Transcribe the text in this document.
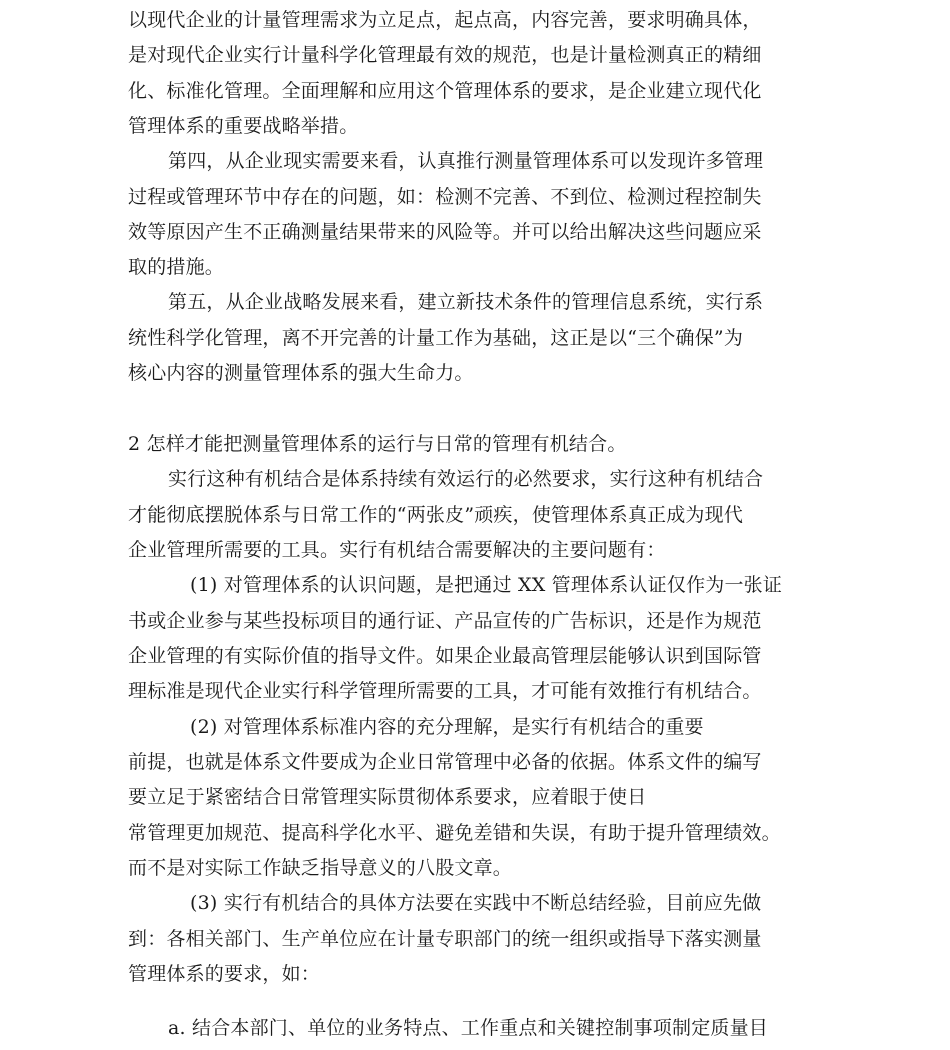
以现代企业的计量管理需求为立足点，起点高，内容完善，要求明确具体，
是对现代企业实行计量科学化管理最有效的规范，也是计量检测真正的精细
化、标准化管理。全面理解和应用这个管理体系的要求，是企业建立现代化
管理体系的重要战略举措。
第四，从企业现实需要来看，认真推行测量管理体系可以发现许多管理
过程或管理环节中存在的问题，如：检测不完善、不到位、检测过程控制失
效等原因产生不正确测量结果带来的风险等。并可以给出解决这些问题应采
取的措施。
第五，从企业战略发展来看，建立新技术条件的管理信息系统，实行系
统性科学化管理，离不开完善的计量工作为基础，这正是以“三个确保”为
核心内容的测量管理体系的强大生命力。
2 怎样才能把测量管理体系的运行与日常的管理有机结合。
实行这种有机结合是体系持续有效运行的必然要求，实行这种有机结合
才能彻底摆脱体系与日常工作的“两张皮”顽疾，使管理体系真正成为现代
企业管理所需要的工具。实行有机结合需要解决的主要问题有：
(1) 对管理体系的认识问题，是把通过 XX 管理体系认证仅作为一张证
书或企业参与某些投标项目的通行证、产品宣传的广告标识，还是作为规范
企业管理的有实际价值的指导文件。如果企业最高管理层能够认识到国际管
理标准是现代企业实行科学管理所需要的工具，才可能有效推行有机结合。
(2) 对管理体系标准内容的充分理解，是实行有机结合的重要
前提，也就是体系文件要成为企业日常管理中必备的依据。体系文件的编写
要立足于紧密结合日常管理实际贯彻体系要求，应着眼于使日
常管理更加规范、提高科学化水平、避免差错和失误，有助于提升管理绩效。
而不是对实际工作缺乏指导意义的八股文章。
(3) 实行有机结合的具体方法要在实践中不断总结经验，目前应先做
到：各相关部门、生产单位应在计量专职部门的统一组织或指导下落实测量
管理体系的要求，如：
a. 结合本部门、单位的业务特点、工作重点和关键控制事项制定质量目
